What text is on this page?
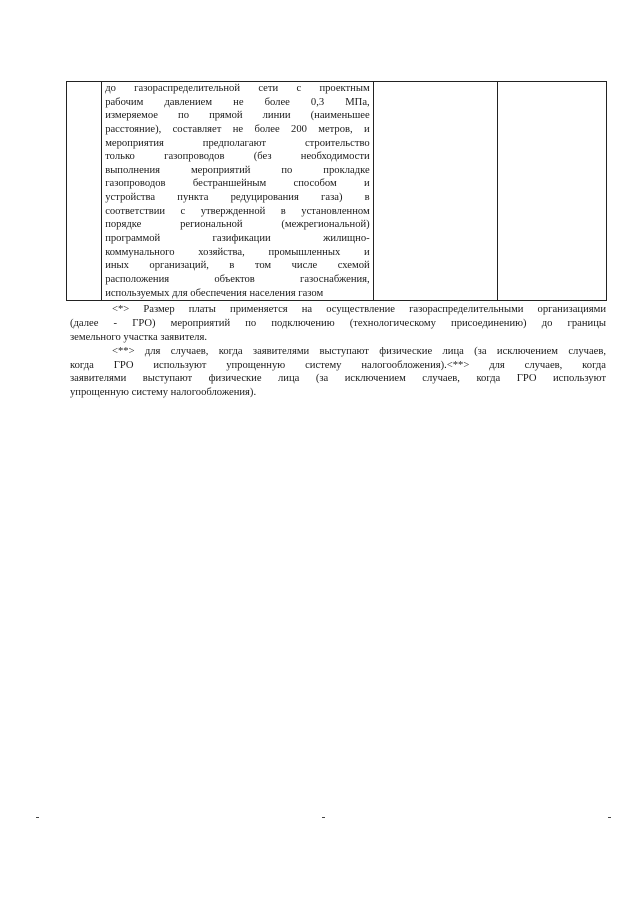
до газораспределительной сети с проектным
рабочим давлением не более 0,3 МПа,
измеряемое по прямой линии (наименьшее
расстояние), составляет не более 200 метров, и
мероприятия предполагают строительство
только газопроводов (без необходимости
выполнения мероприятий по прокладке
газопроводов бестраншейным способом и
устройства пункта редуцирования газа) в
соответствии с утвержденной в установленном
порядке региональной (межрегиональной)
программой газификации жилищно-
коммунального хозяйства, промышленных и
иных организаций, в том числе схемой
расположения объектов газоснабжения,
используемых для обеспечения населения газом

<*> Размер платы применяется на осуществление газораспределительными организациями
(далее - ГРО) мероприятий по подключению (технологическому присоединению) до границы
земельного участка заявителя.
<**> для случаев, когда заявителями выступают физические лица (за исключением случаев,
когда ГРО используют упрощенную систему налогообложения).<**> для случаев, когда
заявителями выступают физические лица (за исключением случаев, когда ГРО используют
упрощенную систему налогообложения).
